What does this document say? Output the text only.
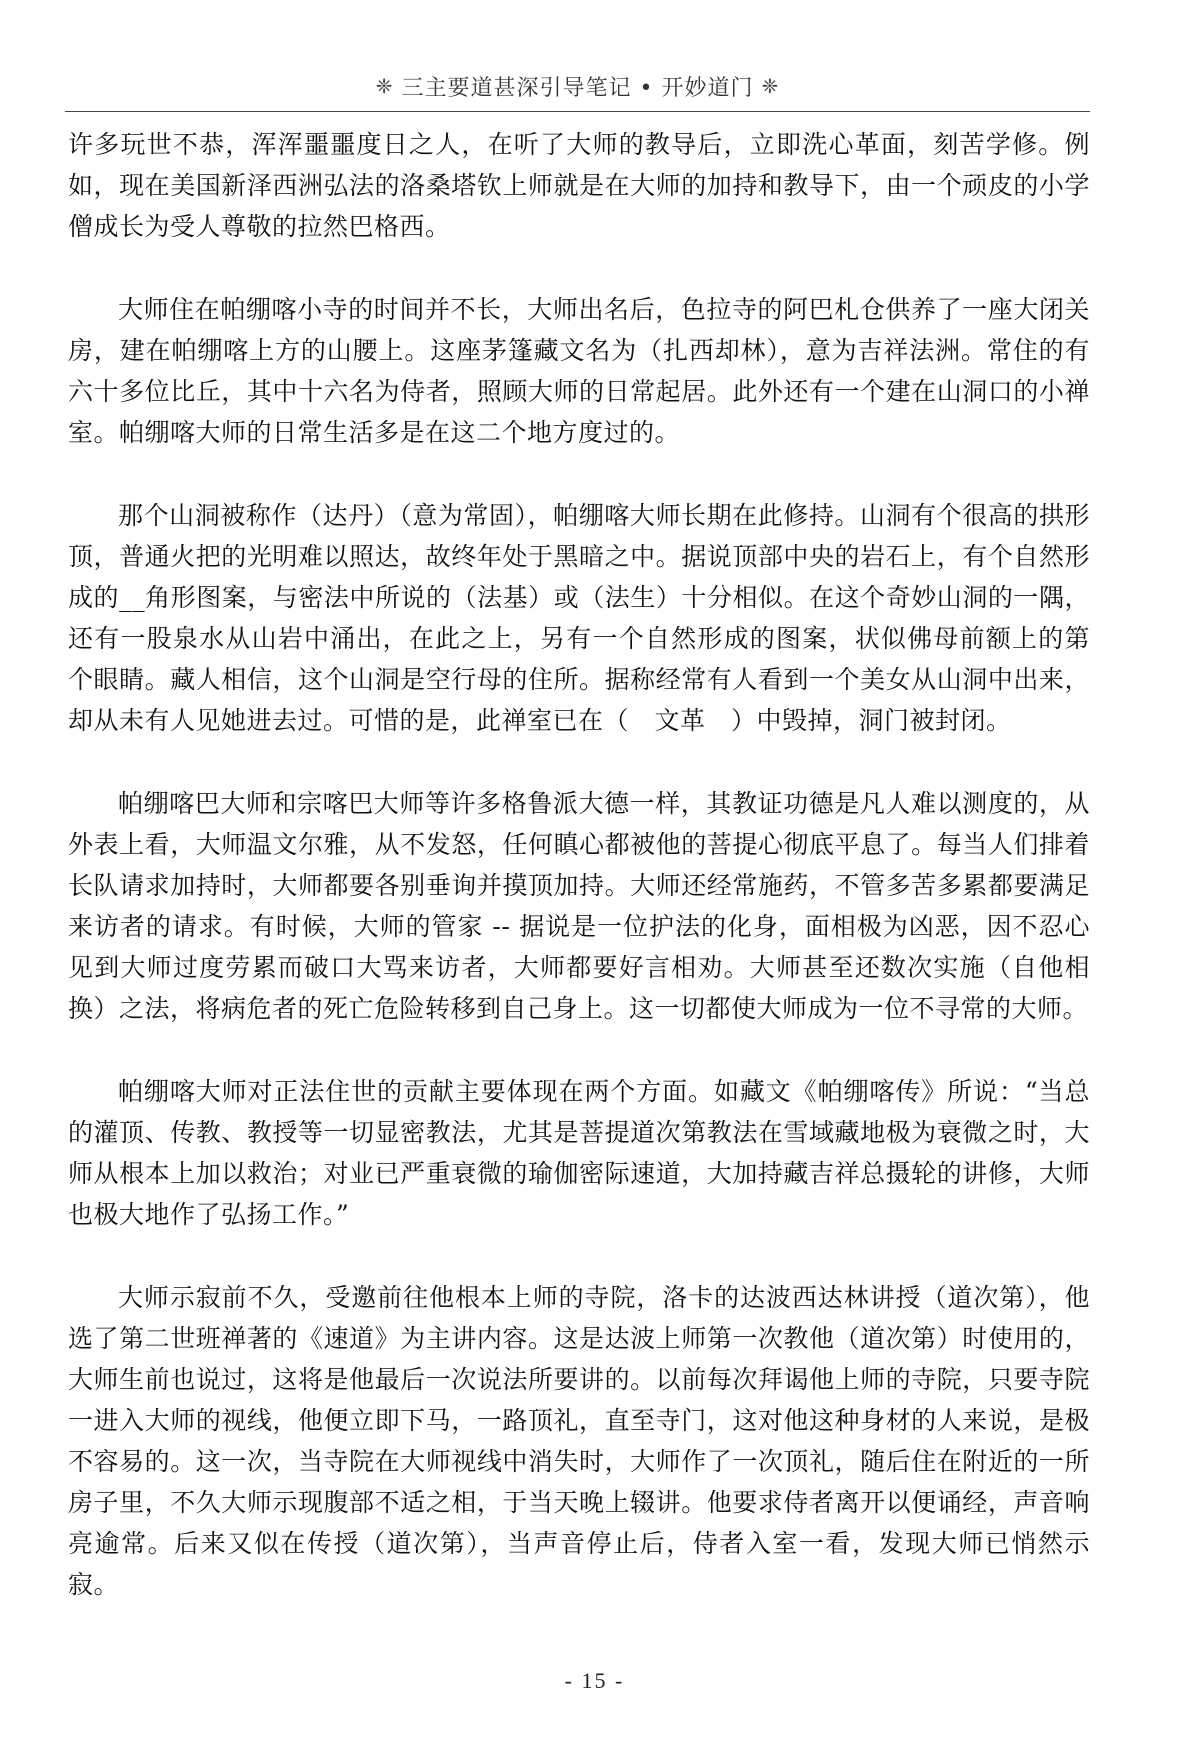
❈ 三主要道甚深引导笔记 • 开妙道门 ❈

许多玩世不恭，浑浑噩噩度日之人，在听了大师的教导后，立即洗心革面，刻苦学修。例如，现在美国新泽西洲弘法的洛桑塔钦上师就是在大师的加持和教导下，由一个顽皮的小学僧成长为受人尊敬的拉然巴格西。

大师住在帕绷喀小寺的时间并不长，大师出名后，色拉寺的阿巴札仓供养了一座大闭关房，建在帕绷喀上方的山腰上。这座茅篷藏文名为（扎西却林），意为吉祥法洲。常住的有六十多位比丘，其中十六名为侍者，照顾大师的日常起居。此外还有一个建在山洞口的小禅室。帕绷喀大师的日常生活多是在这二个地方度过的。

那个山洞被称作（达丹）（意为常固），帕绷喀大师长期在此修持。山洞有个很高的拱形顶，普通火把的光明难以照达，故终年处于黑暗之中。据说顶部中央的岩石上，有个自然形成的__角形图案，与密法中所说的（法基）或（法生）十分相似。在这个奇妙山洞的一隅，还有一股泉水从山岩中涌出，在此之上，另有一个自然形成的图案，状似佛母前额上的第　个眼睛。藏人相信，这个山洞是空行母的住所。据称经常有人看到一个美女从山洞中出来，却从未有人见她进去过。可惜的是，此禅室已在（　文革　）中毁掉，洞门被封闭。

帕绷喀巴大师和宗喀巴大师等许多格鲁派大德一样，其教证功德是凡人难以测度的，从外表上看，大师温文尔雅，从不发怒，任何瞋心都被他的菩提心彻底平息了。每当人们排着长队请求加持时，大师都要各别垂询并摸顶加持。大师还经常施药，不管多苦多累都要满足来访者的请求。有时候，大师的管家 -- 据说是一位护法的化身，面相极为凶恶，因不忍心见到大师过度劳累而破口大骂来访者，大师都要好言相劝。大师甚至还数次实施（自他相换）之法，将病危者的死亡危险转移到自己身上。这一切都使大师成为一位不寻常的大师。

帕绷喀大师对正法住世的贡献主要体现在两个方面。如藏文《帕绷喀传》所说：“当总的灌顶、传教、教授等一切显密教法，尤其是菩提道次第教法在雪域藏地极为衰微之时，大师从根本上加以救治；对业已严重衰微的瑜伽密际速道，大加持藏吉祥总摄轮的讲修，大师也极大地作了弘扬工作。”

大师示寂前不久，受邀前往他根本上师的寺院，洛卡的达波西达林讲授（道次第），他选了第二世班禅著的《速道》为主讲内容。这是达波上师第一次教他（道次第）时使用的，大师生前也说过，这将是他最后一次说法所要讲的。以前每次拜谒他上师的寺院，只要寺院一进入大师的视线，他便立即下马，一路顶礼，直至寺门，这对他这种身材的人来说，是极不容易的。这一次，当寺院在大师视线中消失时，大师作了一次顶礼，随后住在附近的一所房子里，不久大师示现腹部不适之相，于当天晚上辍讲。他要求侍者离开以便诵经，声音响亮逾常。后来又似在传授（道次第），当声音停止后，侍者入室一看，发现大师已悄然示寂。

- 15 -
